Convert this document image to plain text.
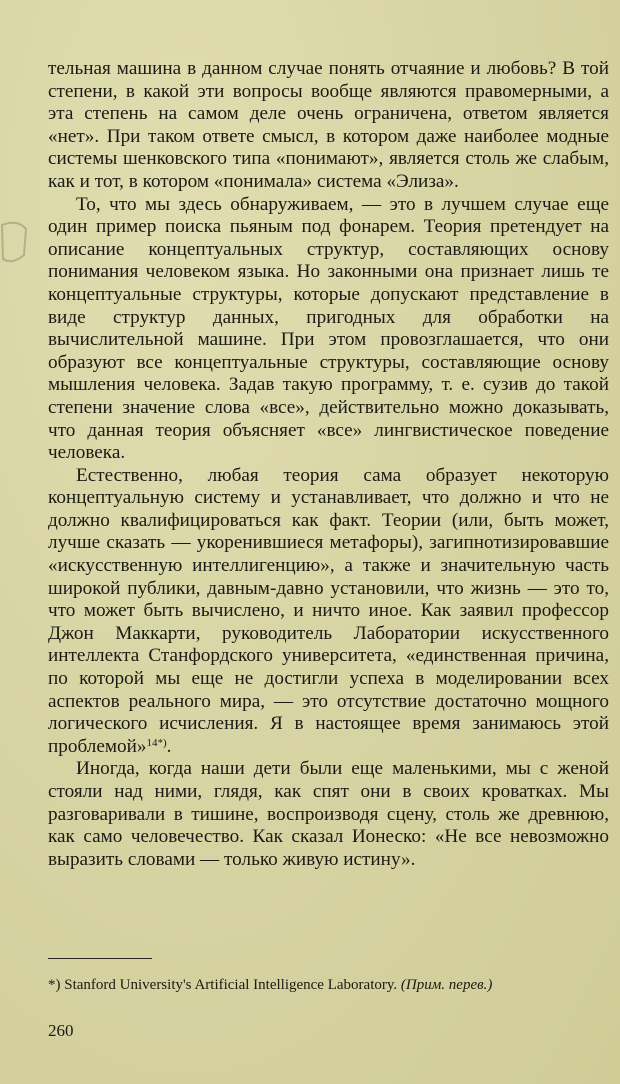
тельная машина в данном случае понять отчаяние и любовь? В той степени, в какой эти вопросы вообще являются правомерными, а эта степень на самом деле очень ограничена, ответом является «нет». При таком ответе смысл, в котором даже наиболее модные системы шенковского типа «понимают», является столь же слабым, как и тот, в котором «понимала» система «Элиза».

То, что мы здесь обнаруживаем, — это в лучшем случае еще один пример поиска пьяным под фонарем. Теория претендует на описание концептуальных структур, составляющих основу понимания человеком языка. Но законными она признает лишь те концептуальные структуры, которые допускают представление в виде структур данных, пригодных для обработки на вычислительной машине. При этом провозглашается, что они образуют все концептуальные структуры, составляющие основу мышления человека. Задав такую программу, т. е. сузив до такой степени значение слова «все», действительно можно доказывать, что данная теория объясняет «все» лингвистическое поведение человека.

Естественно, любая теория сама образует некоторую концептуальную систему и устанавливает, что должно и что не должно квалифицироваться как факт. Теории (или, быть может, лучше сказать — укоренившиеся метафоры), загипнотизировавшие «искусственную интеллигенцию», а также и значительную часть широкой публики, давным-давно установили, что жизнь — это то, что может быть вычислено, и ничто иное. Как заявил профессор Джон Маккарти, руководитель Лаборатории искусственного интеллекта Станфордского университета, «единственная причина, по которой мы еще не достигли успеха в моделировании всех аспектов реального мира, — это отсутствие достаточно мощного логического исчисления. Я в настоящее время занимаюсь этой проблемой»$^{14*)}$.

Иногда, когда наши дети были еще маленькими, мы с женой стояли над ними, глядя, как спят они в своих кроватках. Мы разговаривали в тишине, воспроизводя сцену, столь же древнюю, как само человечество. Как сказал Ионеско: «Не все невозможно выразить словами — только живую истину».

*) Stanford University's Artificial Intelligence Laboratory. (Прим. перев.)
260
